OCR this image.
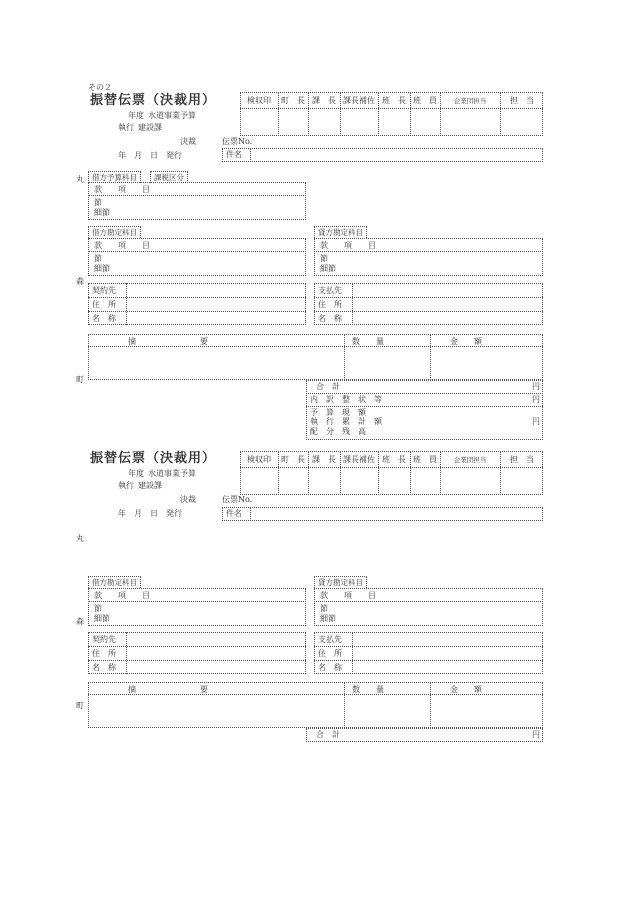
その２
丸
森
町
丸
森
町
振替伝票（決裁用）
年度 水道事業予算
執行 建設課
決裁
年　月　日　発行
伝票No.
検収印	町　長 課　長 課長補佐 班　長 班　員	企業団担当	担　当
件名
借方予算科目	課税区分
款　　項　　目
節
細節
借方勘定科目
款　　項　　目
節
細節
貸方勘定科目
款　　項　　目
節
細節
契約先
住　所
名　称
支払先
住　所
名　称
摘　　　　　　　　要	数　　量	金　　額
合　計	円
内　訳　整　状　等	円
予　算　現　額
執　行　累　計　額	円
配　分　残　高
振替伝票（決裁用）
年度 水道事業予算
執行 建設課
決裁
年　月　日　発行
伝票No.
検収印	町　長 課　長 課長補佐 班　長 班　員	企業団担当	担　当
件名
借方勘定科目
款　　項　　目
節
細節
貸方勘定科目
款　　項　　目
節
細節
契約先
住　所
名　称
支払先
住　所
名　称
摘　　　　　　　　要	数　　量	金　　額
合　計	円
